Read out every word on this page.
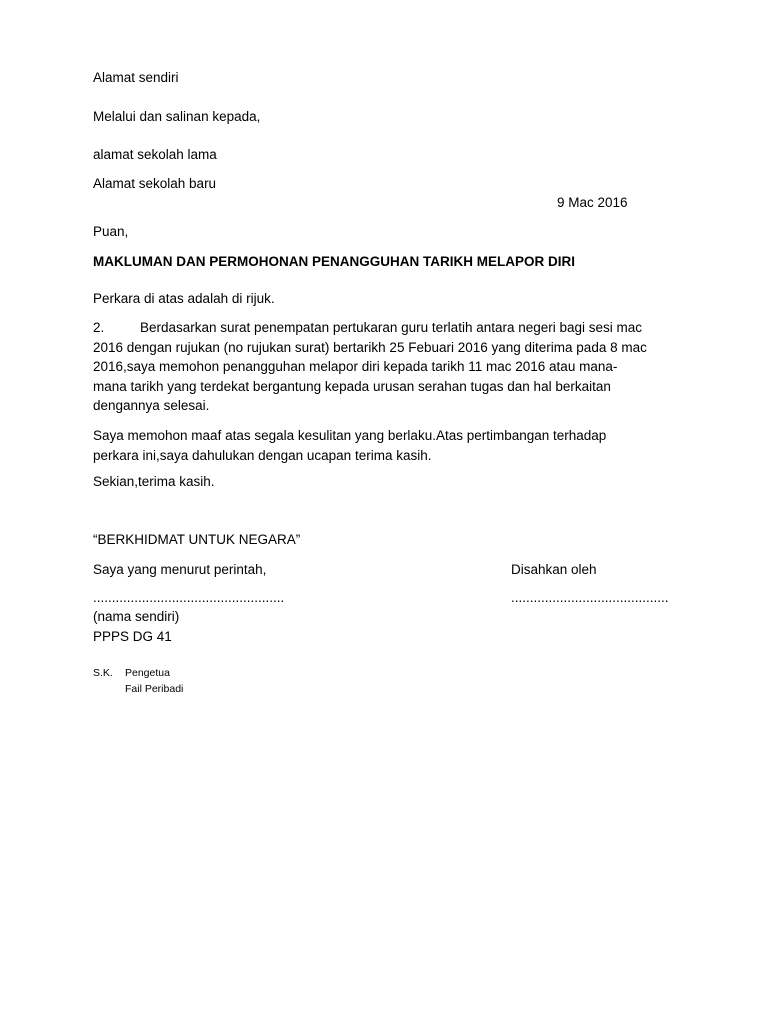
Alamat sendiri
Melalui dan salinan kepada,
alamat sekolah lama
Alamat sekolah baru
9 Mac 2016
Puan,
MAKLUMAN DAN PERMOHONAN PENANGGUHAN TARIKH MELAPOR DIRI
Perkara di atas adalah di rijuk.
2.	Berdasarkan surat penempatan pertukaran guru terlatih antara negeri bagi sesi mac
2016 dengan rujukan (no rujukan surat) bertarikh 25 Febuari 2016 yang diterima pada 8 mac
2016,saya memohon penangguhan melapor diri kepada tarikh 11 mac 2016 atau mana-
mana tarikh yang terdekat bergantung kepada urusan serahan tugas dan hal berkaitan
dengannya selesai.
Saya memohon maaf atas segala kesulitan yang berlaku.Atas pertimbangan terhadap
perkara ini,saya dahulukan dengan ucapan terima kasih.
Sekian,terima kasih.
“BERKHIDMAT UNTUK NEGARA”
Saya yang menurut perintah,	Disahkan oleh
...................................................	..........................................
(nama sendiri)
PPPS DG 41
S.K. Pengetua
Fail Peribadi
